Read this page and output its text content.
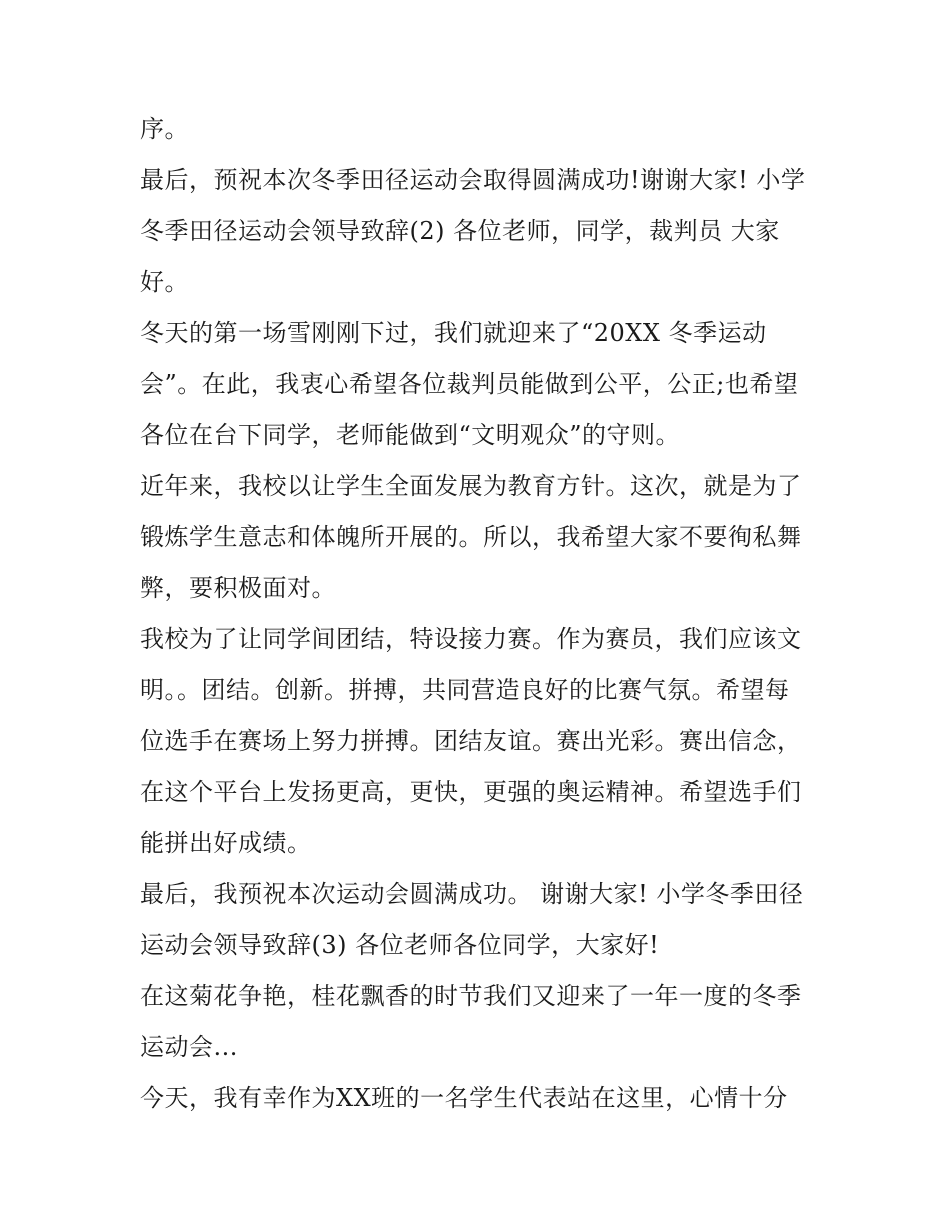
序。
最后，预祝本次冬季田径运动会取得圆满成功!谢谢大家! 小学
冬季田径运动会领导致辞(2) 各位老师，同学，裁判员 大家
好。
冬天的第一场雪刚刚下过，我们就迎来了“20XX 冬季运动
会”。在此，我衷心希望各位裁判员能做到公平，公正;也希望
各位在台下同学，老师能做到“文明观众”的守则。
近年来，我校以让学生全面发展为教育方针。这次，就是为了
锻炼学生意志和体魄所开展的。所以，我希望大家不要徇私舞
弊，要积极面对。
我校为了让同学间团结，特设接力赛。作为赛员，我们应该文
明。。团结。创新。拼搏，共同营造良好的比赛气氛。希望每
位选手在赛场上努力拼搏。团结友谊。赛出光彩。赛出信念，
在这个平台上发扬更高，更快，更强的奥运精神。希望选手们
能拼出好成绩。
最后，我预祝本次运动会圆满成功。 谢谢大家! 小学冬季田径
运动会领导致辞(3) 各位老师各位同学，大家好!
在这菊花争艳，桂花飘香的时节我们又迎来了一年一度的冬季
运动会...
今天，我有幸作为XX班的一名学生代表站在这里，心情十分
